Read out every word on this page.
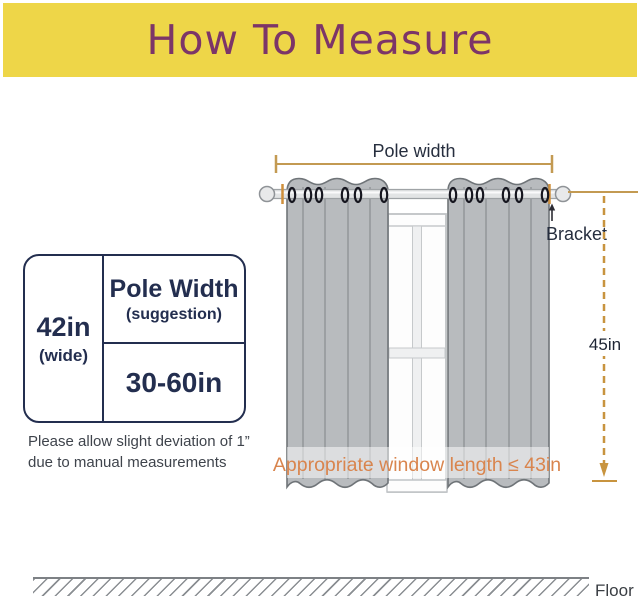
How To Measure
Pole width
Bracket
45in
Appropriate window length ≤ 43in
42in
(wide)
Pole Width
(suggestion)
30-60in
Please allow slight deviation of 1”
due to manual measurements
Floor
